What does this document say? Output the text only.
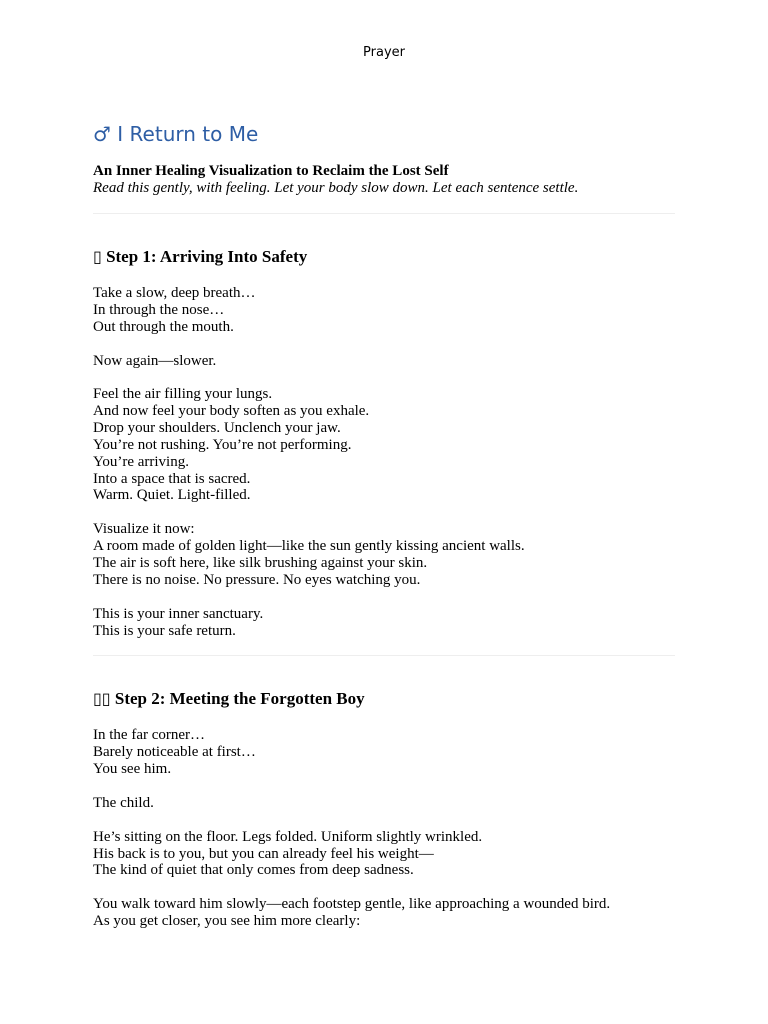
Prayer
♂ I Return to Me
An Inner Healing Visualization to Reclaim the Lost Self
Read this gently, with feeling. Let your body slow down. Let each sentence settle.
▯ Step 1: Arriving Into Safety
Take a slow, deep breath…
In through the nose…
Out through the mouth.
Now again—slower.
Feel the air filling your lungs.
And now feel your body soften as you exhale.
Drop your shoulders. Unclench your jaw.
You’re not rushing. You’re not performing.
You’re arriving.
Into a space that is sacred.
Warm. Quiet. Light-filled.
Visualize it now:
A room made of golden light—like the sun gently kissing ancient walls.
The air is soft here, like silk brushing against your skin.
There is no noise. No pressure. No eyes watching you.
This is your inner sanctuary.
This is your safe return.
▯▯ Step 2: Meeting the Forgotten Boy
In the far corner…
Barely noticeable at first…
You see him.
The child.
He’s sitting on the floor. Legs folded. Uniform slightly wrinkled.
His back is to you, but you can already feel his weight—
The kind of quiet that only comes from deep sadness.
You walk toward him slowly—each footstep gentle, like approaching a wounded bird.
As you get closer, you see him more clearly:
